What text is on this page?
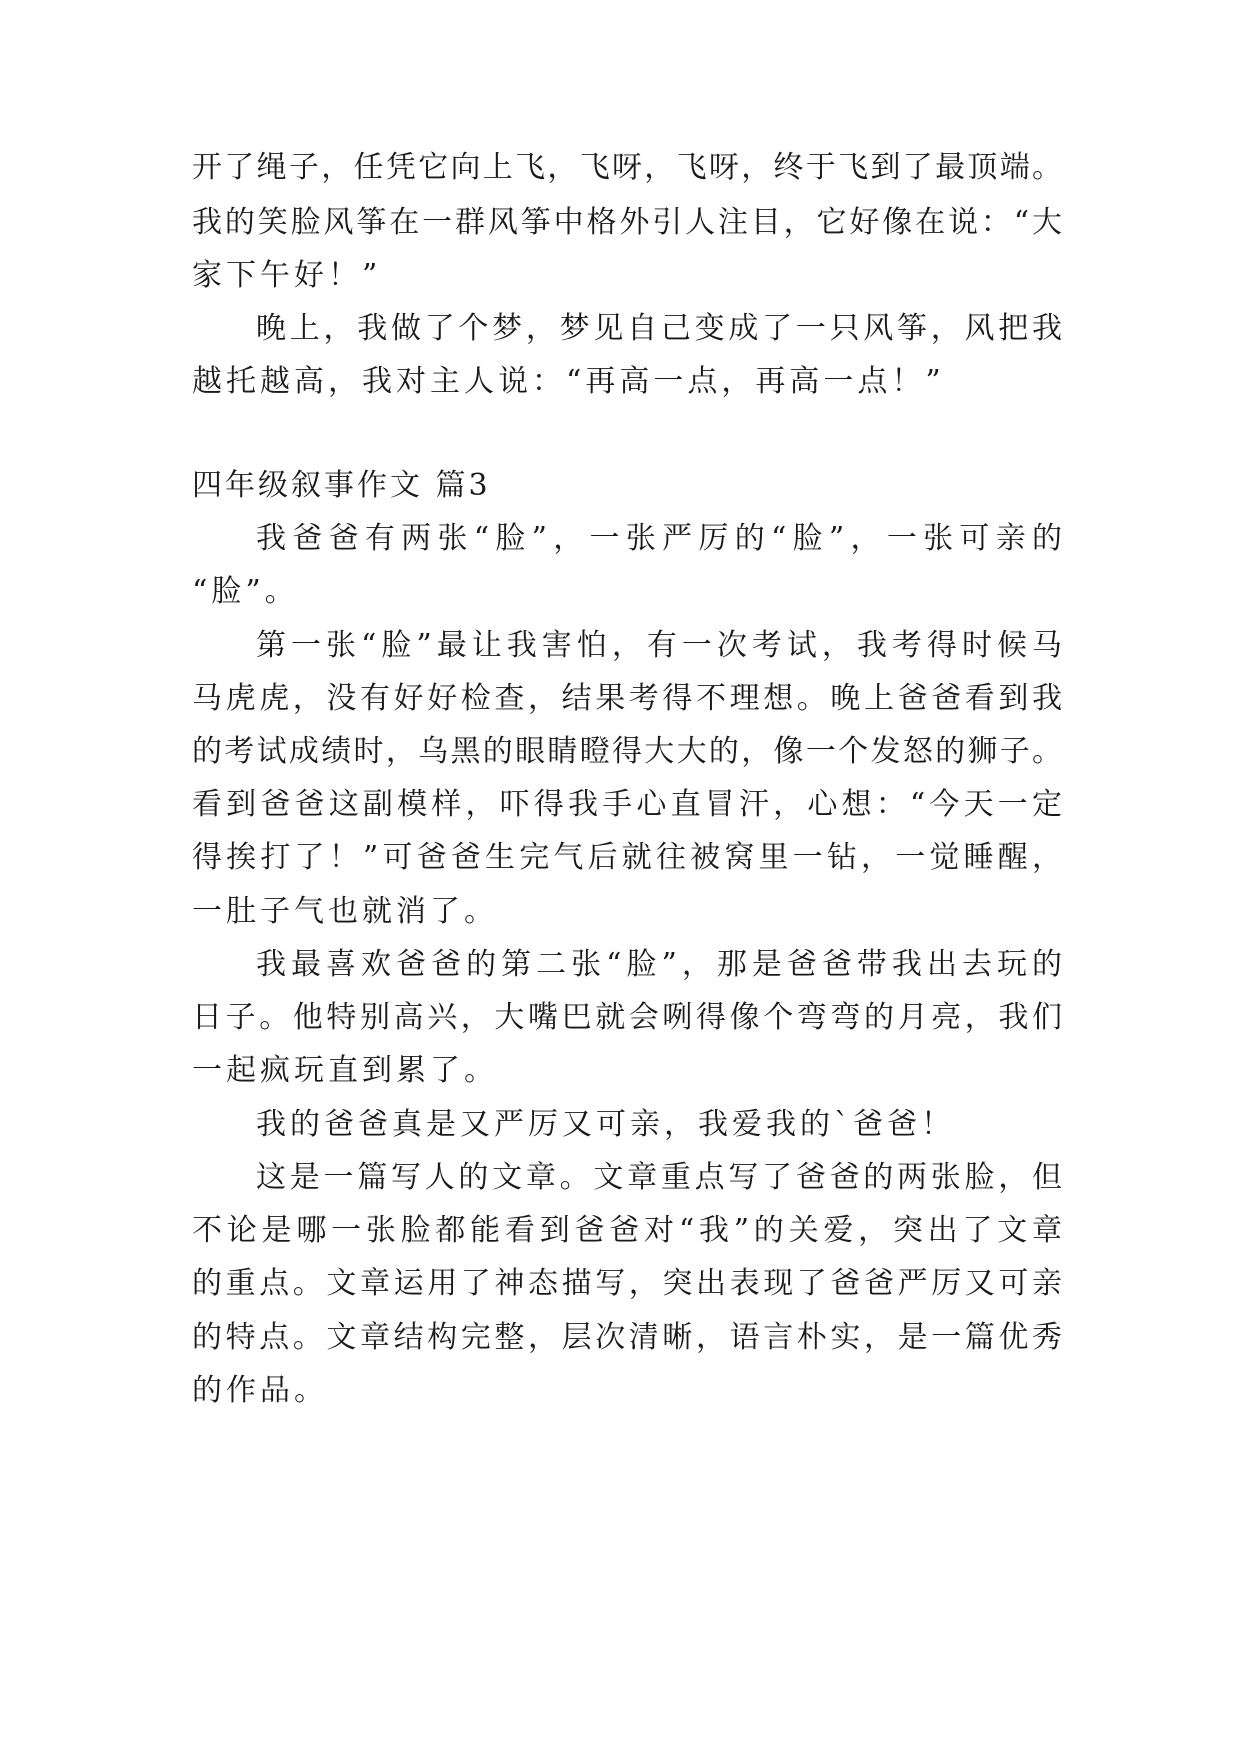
开了绳子，任凭它向上飞，飞呀，飞呀，终于飞到了最顶端。

我的笑脸风筝在一群风筝中格外引人注目，它好像在说：“大

家下午好！”

晚上，我做了个梦，梦见自己变成了一只风筝，风把我

越托越高，我对主人说：“再高一点，再高一点！”

四年级叙事作文 篇3

我爸爸有两张“脸”，一张严厉的“脸”，一张可亲的

“脸”。

第一张“脸”最让我害怕，有一次考试，我考得时候马

马虎虎，没有好好检查，结果考得不理想。晚上爸爸看到我

的考试成绩时，乌黑的眼睛瞪得大大的，像一个发怒的狮子。

看到爸爸这副模样，吓得我手心直冒汗，心想：“今天一定

得挨打了！”可爸爸生完气后就往被窝里一钻，一觉睡醒，

一肚子气也就消了。

我最喜欢爸爸的第二张“脸”，那是爸爸带我出去玩的

日子。他特别高兴，大嘴巴就会咧得像个弯弯的月亮，我们

一起疯玩直到累了。

我的爸爸真是又严厉又可亲，我爱我的`爸爸！

这是一篇写人的文章。文章重点写了爸爸的两张脸，但

不论是哪一张脸都能看到爸爸对“我”的关爱，突出了文章

的重点。文章运用了神态描写，突出表现了爸爸严厉又可亲

的特点。文章结构完整，层次清晰，语言朴实，是一篇优秀

的作品。
